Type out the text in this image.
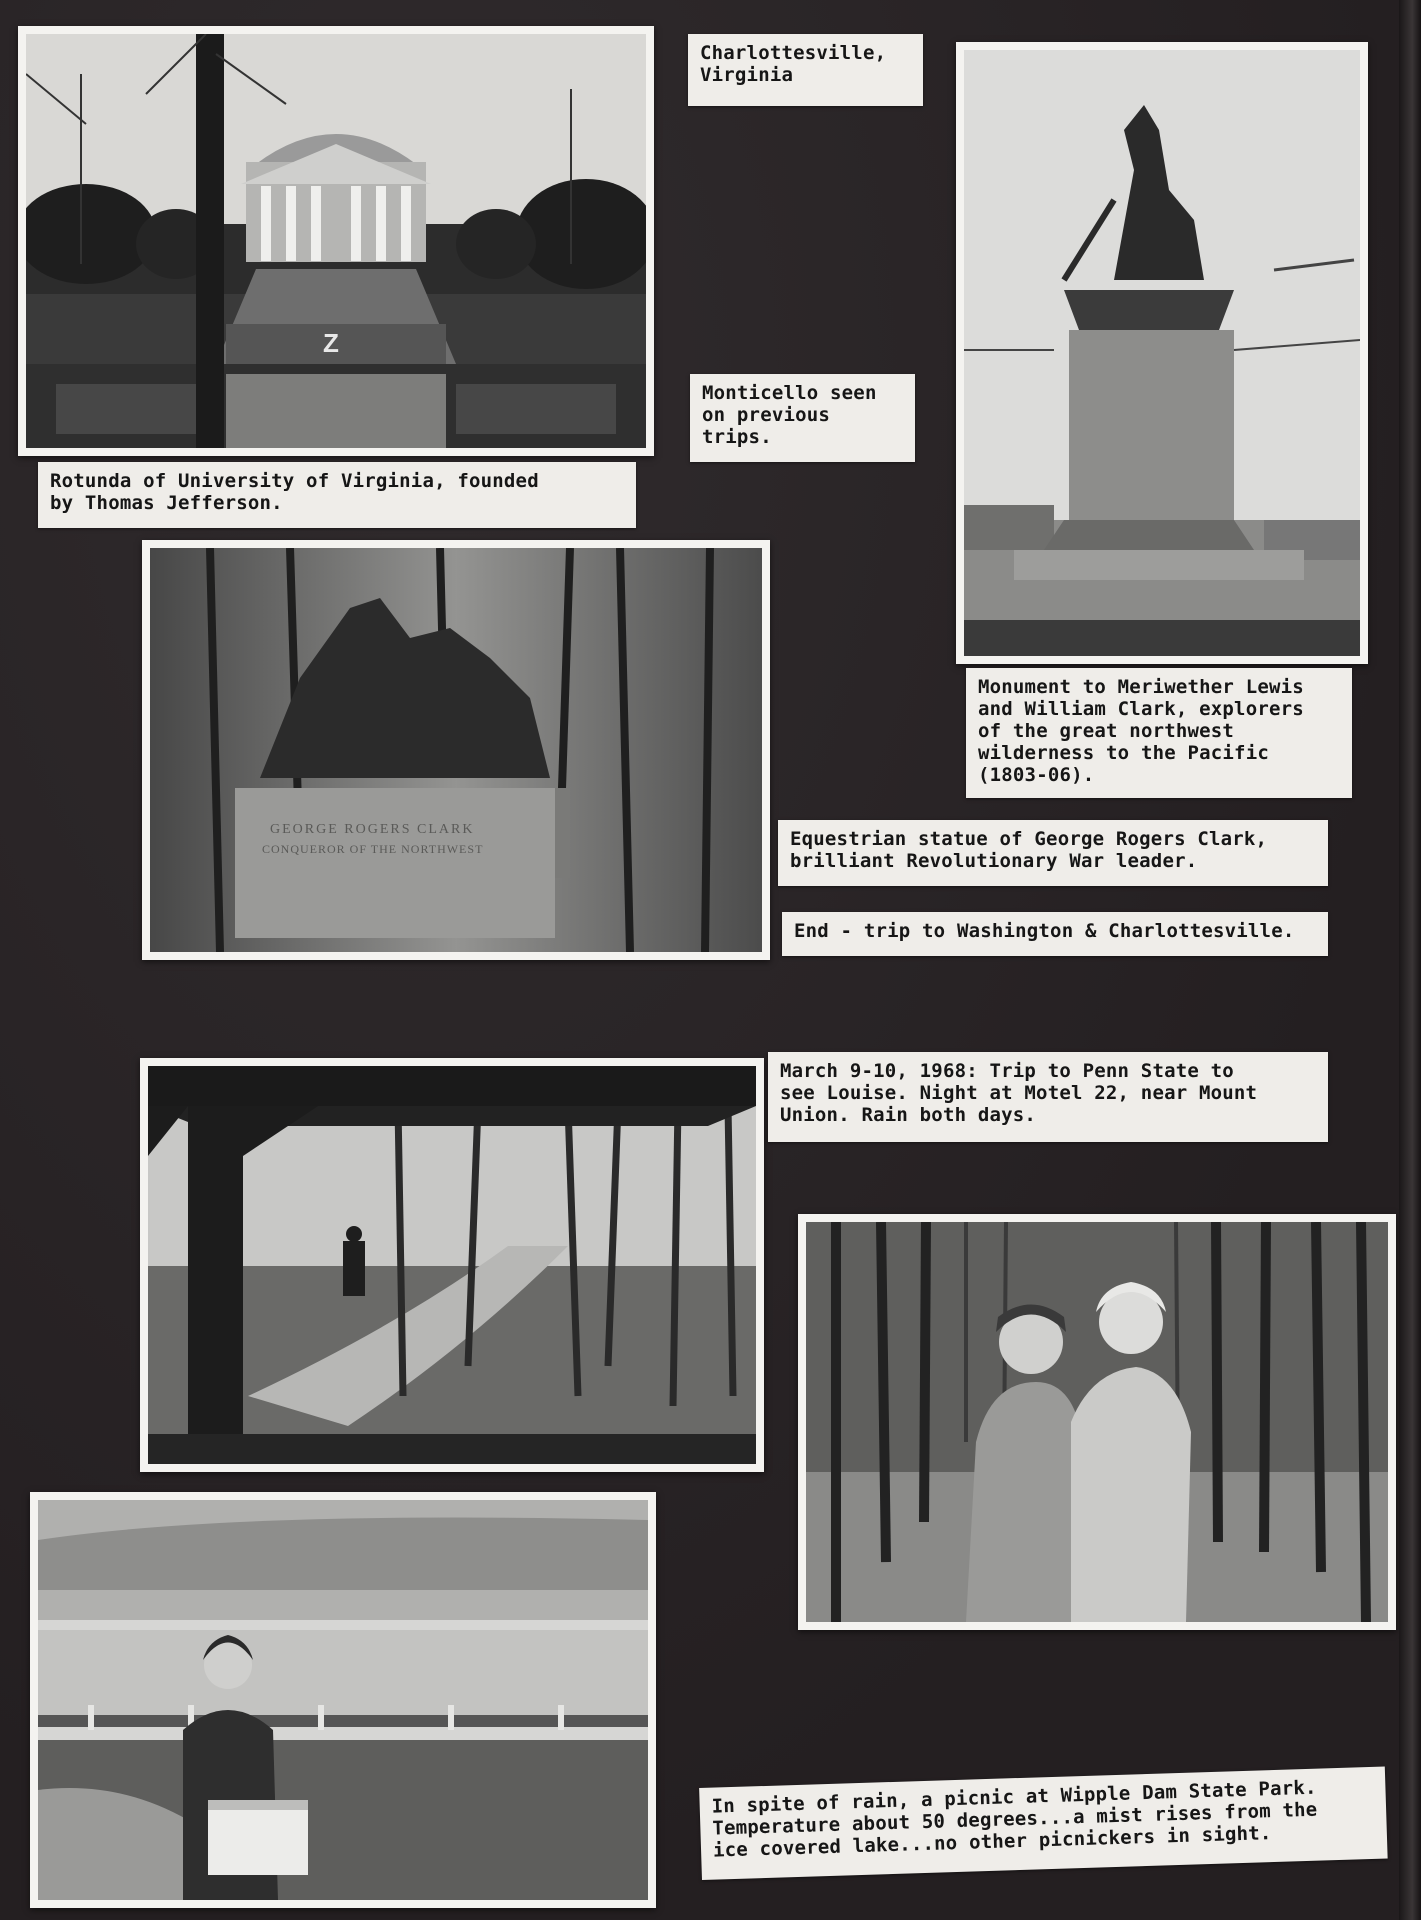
Z
Charlottesville,
Virginia
Monticello seen
on previous
trips.
Rotunda of University of Virginia, founded
by Thomas Jefferson.
GEORGE ROGERS CLARK
CONQUEROR OF THE NORTHWEST
Monument to Meriwether Lewis
and William Clark, explorers
of the great northwest
wilderness to the Pacific
(1803-06).
Equestrian statue of George Rogers Clark,
brilliant Revolutionary War leader.
End - trip to Washington & Charlottesville.
March 9-10, 1968: Trip to Penn State to
see Louise. Night at Motel 22, near Mount
Union. Rain both days.
In spite of rain, a picnic at Wipple Dam State Park.
Temperature about 50 degrees...a mist rises from the
ice covered lake...no other picnickers in sight.
